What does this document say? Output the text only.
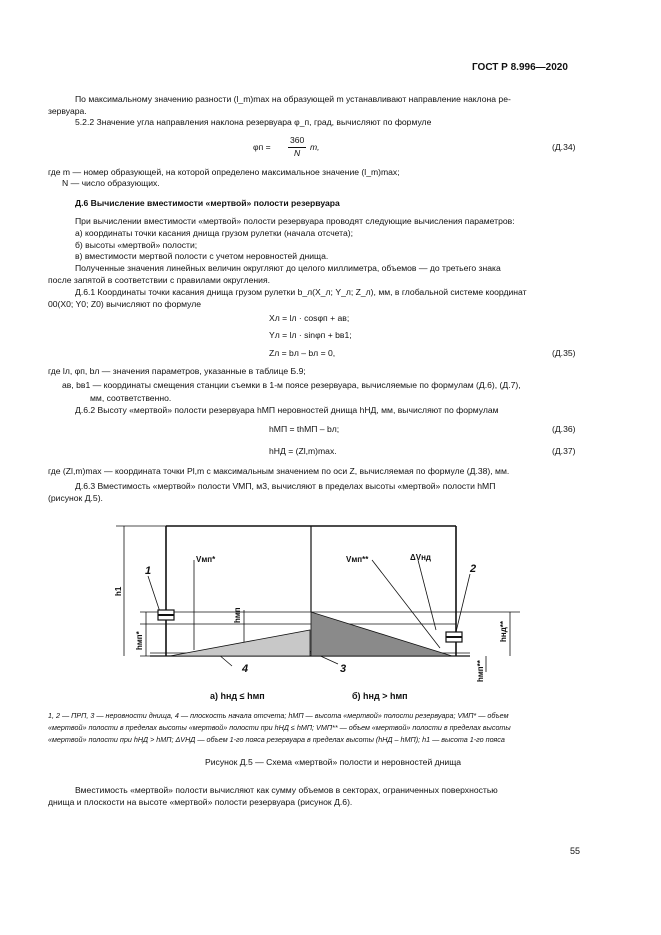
ГОСТ Р 8.996—2020
По максимальному значению разности (l_m)max на образующей m устанавливают направление наклона ре-
зервуара.
5.2.2 Значение угла направления наклона резервуара φ_п, град, вычисляют по формуле
φп =
360
N
m,	(Д.34)
где m — номер образующей, на которой определено максимальное значение (l_m)max;
N — число образующих.
Д.6 Вычисление вместимости «мертвой» полости резервуара
При вычислении вместимости «мертвой» полости резервуара проводят следующие вычисления параметров:
а) координаты точки касания днища грузом рулетки (начала отсчета);
б) высоты «мертвой» полости;
в) вместимости мертвой полости с учетом неровностей днища.
Полученные значения линейных величин округляют до целого миллиметра, объемов — до третьего знака
после запятой в соответствии с правилами округления.
Д.6.1 Координаты точки касания днища грузом рулетки b_л(X_л; Y_л; Z_л), мм, в глобальной системе координат
00(X0; Y0; Z0) вычисляют по формуле
Xл = lл · cosφп + aв;
Yл = lл · sinφп + bв1;
Zл = bл – bл = 0,	(Д.35)
где lл, φп, bл — значения параметров, указанные в таблице Б.9;
aв, bв1 — координаты смещения станции съемки в 1-м поясе резервуара, вычисляемые по формулам (Д.6), (Д.7),
мм, соответственно.
Д.6.2 Высоту «мертвой» полости резервуара hМП неровностей днища hНД, мм, вычисляют по формулам
hМП = thМП – bл;	(Д.36)
hНД = (Zl,m)max.	(Д.37)
где (Zl,m)max — координата точки Pl,m с максимальным значением по оси Z, вычисляемая по формуле (Д.38), мм.
Д.6.3 Вместимость «мертвой» полости VМП, м3, вычисляют в пределах высоты «мертвой» полости hМП
(рисунок Д.5).
1	2
3
4
Vмп*	Vмп**	ΔVнд
а) hнд ≤ hмп	б) hнд > hмп
h1
hмп*
hмп
hнд**
hмп**
1, 2 — ПРП, 3 — неровности днища, 4 — плоскость начала отсчета; hМП — высота «мертвой» полости резервуара; VМП* — объем
«мертвой» полости в пределах высоты «мертвой» полости при hНД ≤ hМП; VМП** — объем «мертвой» полости в пределах высоты
«мертвой» полости при hНД > hМП; ΔVНД — объем 1-го пояса резервуара в пределах высоты (hНД – hМП); h1 — высота 1-го пояса
Рисунок Д.5 — Схема «мертвой» полости и неровностей днища
Вместимость «мертвой» полости вычисляют как сумму объемов в секторах, ограниченных поверхностью
днища и плоскости на высоте «мертвой» полости резервуара (рисунок Д.6).
55
